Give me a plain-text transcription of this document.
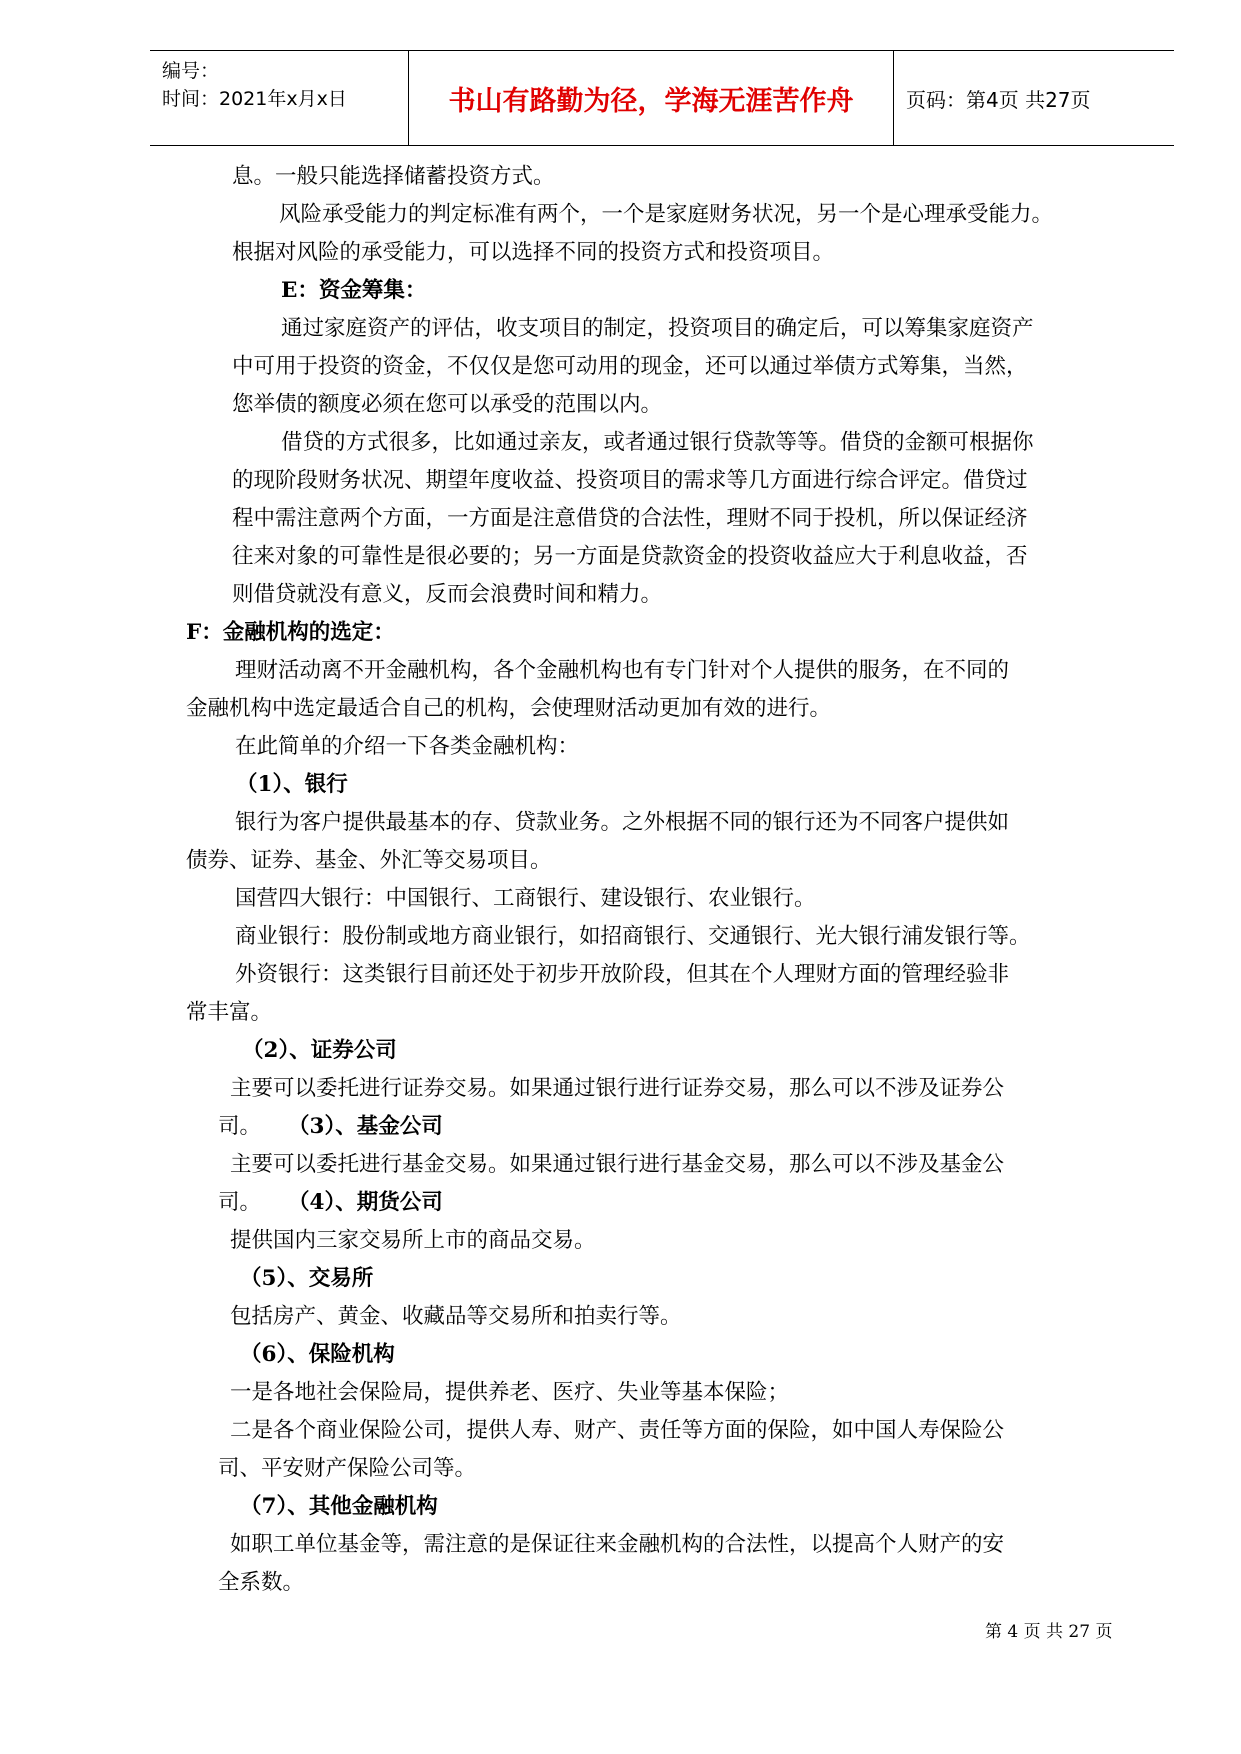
编号：
时间：2021年x月x日	书山有路勤为径，学海无涯苦作舟	页码：第4页 共27页
息。一般只能选择储蓄投资方式。
风险承受能力的判定标准有两个，一个是家庭财务状况，另一个是心理承受能力。
根据对风险的承受能力，可以选择不同的投资方式和投资项目。
E：资金筹集：
通过家庭资产的评估，收支项目的制定，投资项目的确定后，可以筹集家庭资产
中可用于投资的资金，不仅仅是您可动用的现金，还可以通过举债方式筹集，当然，
您举债的额度必须在您可以承受的范围以内。
借贷的方式很多，比如通过亲友，或者通过银行贷款等等。借贷的金额可根据你
的现阶段财务状况、期望年度收益、投资项目的需求等几方面进行综合评定。借贷过
程中需注意两个方面，一方面是注意借贷的合法性，理财不同于投机，所以保证经济
往来对象的可靠性是很必要的；另一方面是贷款资金的投资收益应大于利息收益，否
则借贷就没有意义，反而会浪费时间和精力。
F：金融机构的选定：
理财活动离不开金融机构，各个金融机构也有专门针对个人提供的服务，在不同的
金融机构中选定最适合自己的机构，会使理财活动更加有效的进行。
在此简单的介绍一下各类金融机构：
（1）、银行
银行为客户提供最基本的存、贷款业务。之外根据不同的银行还为不同客户提供如
债券、证券、基金、外汇等交易项目。
国营四大银行：中国银行、工商银行、建设银行、农业银行。
商业银行：股份制或地方商业银行，如招商银行、交通银行、光大银行浦发银行等。
外资银行：这类银行目前还处于初步开放阶段，但其在个人理财方面的管理经验非
常丰富。
（2）、证券公司
主要可以委托进行证券交易。如果通过银行进行证券交易，那么可以不涉及证券公
司。 （3）、基金公司
主要可以委托进行基金交易。如果通过银行进行基金交易，那么可以不涉及基金公
司。 （4）、期货公司
提供国内三家交易所上市的商品交易。
（5）、交易所
包括房产、黄金、收藏品等交易所和拍卖行等。
（6）、保险机构
一是各地社会保险局，提供养老、医疗、失业等基本保险；
二是各个商业保险公司，提供人寿、财产、责任等方面的保险，如中国人寿保险公
司、平安财产保险公司等。
（7）、其他金融机构
如职工单位基金等，需注意的是保证往来金融机构的合法性，以提高个人财产的安
全系数。
第 4 页 共 27 页
